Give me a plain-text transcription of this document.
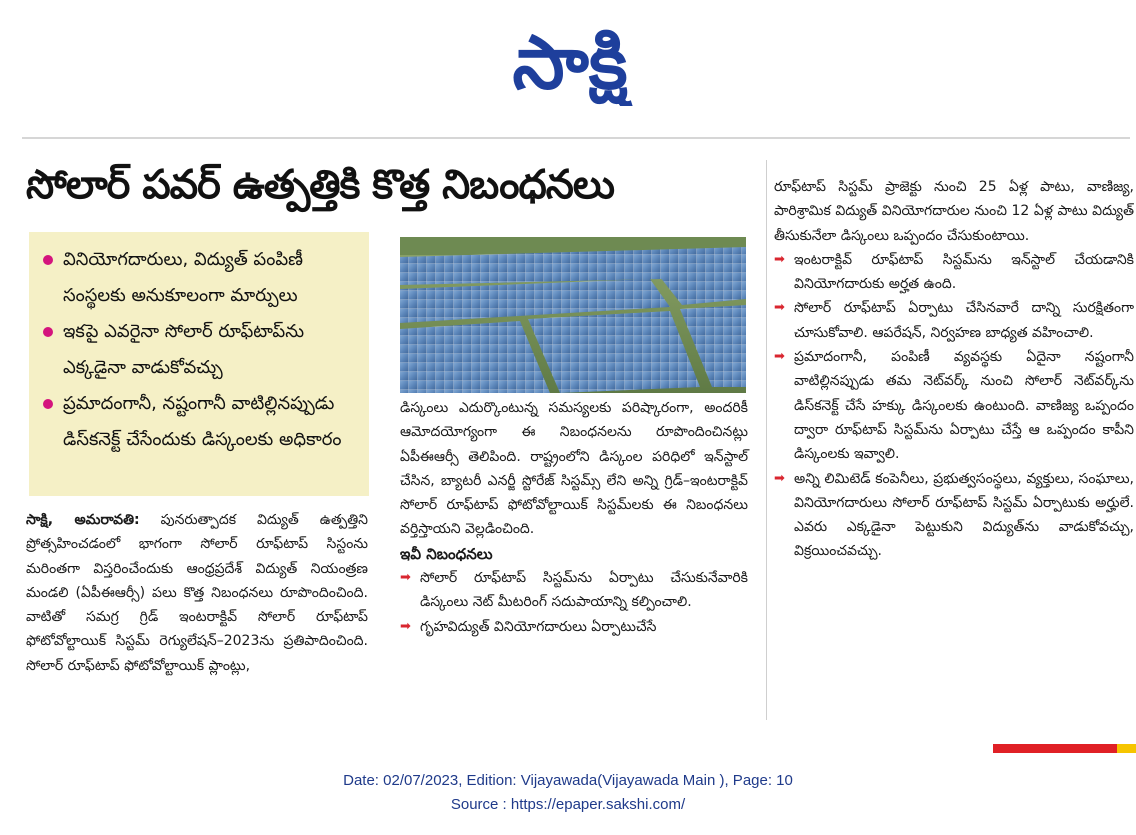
సాక్షి
సోలార్ పవర్ ఉత్పత్తికి కొత్త నిబంధనలు
వినియోగదారులు, విద్యుత్ పంపిణీ సంస్థలకు అనుకూలంగా మార్పులు
ఇకపై ఎవరైనా సోలార్ రూఫ్‌టాప్‌ను ఎక్కడైనా వాడుకోవచ్చు
ప్రమాదంగానీ, నష్టంగానీ వాటిల్లినప్పుడు డిస్‌కనెక్ట్ చేసేందుకు డిస్కంలకు అధికారం

సాక్షి, అమరావతి: పునరుత్పాదక విద్యుత్ ఉత్పత్తిని ప్రోత్సహించడంలో భాగంగా సోలార్ రూఫ్‌టాప్ సిస్టంను మరింతగా విస్తరించేందుకు ఆంధ్రప్రదేశ్ విద్యుత్ నియంత్రణ మండలి (ఏపీఈఆర్సీ) పలు కొత్త నిబంధనలు రూపొందించింది. వాటితో సమగ్ర గ్రిడ్ ఇంటరాక్టివ్ సోలార్ రూఫ్‌టాప్ ఫోటోవోల్టాయిక్ సిస్టమ్ రెగ్యులేషన్–2023ను ప్రతిపాదించింది. సోలార్ రూఫ్‌టాప్ ఫోటోవోల్టాయిక్ ప్లాంట్లు,

డిస్కంలు ఎదుర్కొంటున్న సమస్యలకు పరిష్కారంగా, అందరికీ ఆమోదయోగ్యంగా ఈ నిబంధనలను రూపొందించినట్లు ఏపీఈఆర్సీ తెలిపింది. రాష్ట్రంలోని డిస్కంల పరిధిలో ఇన్‌స్టాల్ చేసిన, బ్యాటరీ ఎనర్జీ స్టోరేజ్ సిస్టమ్స్ లేని అన్ని గ్రిడ్–ఇంటరాక్టివ్ సోలార్ రూఫ్‌టాప్ ఫోటోవోల్టాయిక్ సిస్టమ్‌లకు ఈ నిబంధనలు వర్తిస్తాయని వెల్లడించింది.

ఇవీ నిబంధనలు

➡ సోలార్ రూఫ్‌టాప్ సిస్టమ్‌ను ఏర్పాటు చేసుకునేవారికి డిస్కంలు నెట్ మీటరింగ్ సదుపాయాన్ని కల్పించాలి.

➡ గృహవిద్యుత్ వినియోగదారులు ఏర్పాటుచేసే

రూఫ్‌టాప్ సిస్టమ్ ప్రాజెక్టు నుంచి 25 ఏళ్ల పాటు, వాణిజ్య, పారిశ్రామిక విద్యుత్ వినియోగదారుల నుంచి 12 ఏళ్ల పాటు విద్యుత్ తీసుకునేలా డిస్కంలు ఒప్పందం చేసుకుంటాయి.

➡ ఇంటరాక్టివ్ రూఫ్‌టాప్ సిస్టమ్‌ను ఇన్‌స్టాల్ చేయడానికి వినియోగదారుకు అర్హత ఉంది.

➡ సోలార్ రూఫ్‌టాప్ ఏర్పాటు చేసినవారే దాన్ని సురక్షితంగా చూసుకోవాలి. ఆపరేషన్, నిర్వహణ బాధ్యత వహించాలి.

➡ ప్రమాదంగానీ, పంపిణీ వ్యవస్థకు ఏదైనా నష్టంగానీ వాటిల్లినప్పుడు తమ నెట్‌వర్క్ నుంచి సోలార్ నెట్‌వర్క్‌ను డిస్‌కనెక్ట్ చేసే హక్కు డిస్కంలకు ఉంటుంది. వాణిజ్య ఒప్పందం ద్వారా రూఫ్‌టాప్ సిస్టమ్‌ను ఏర్పాటు చేస్తే ఆ ఒప్పందం కాపీని డిస్కంలకు ఇవ్వాలి.

➡ అన్ని లిమిటెడ్ కంపెనీలు, ప్రభుత్వసంస్థలు, వ్యక్తులు, సంఘాలు, వినియోగదారులు సోలార్ రూఫ్‌టాప్ సిస్టమ్ ఏర్పాటుకు అర్హులే. ఎవరు ఎక్కడైనా పెట్టుకుని విద్యుత్‌ను వాడుకోవచ్చు, విక్రయించవచ్చు.

Date: 02/07/2023, Edition: Vijayawada(Vijayawada Main ), Page: 10
Source : https://epaper.sakshi.com/
